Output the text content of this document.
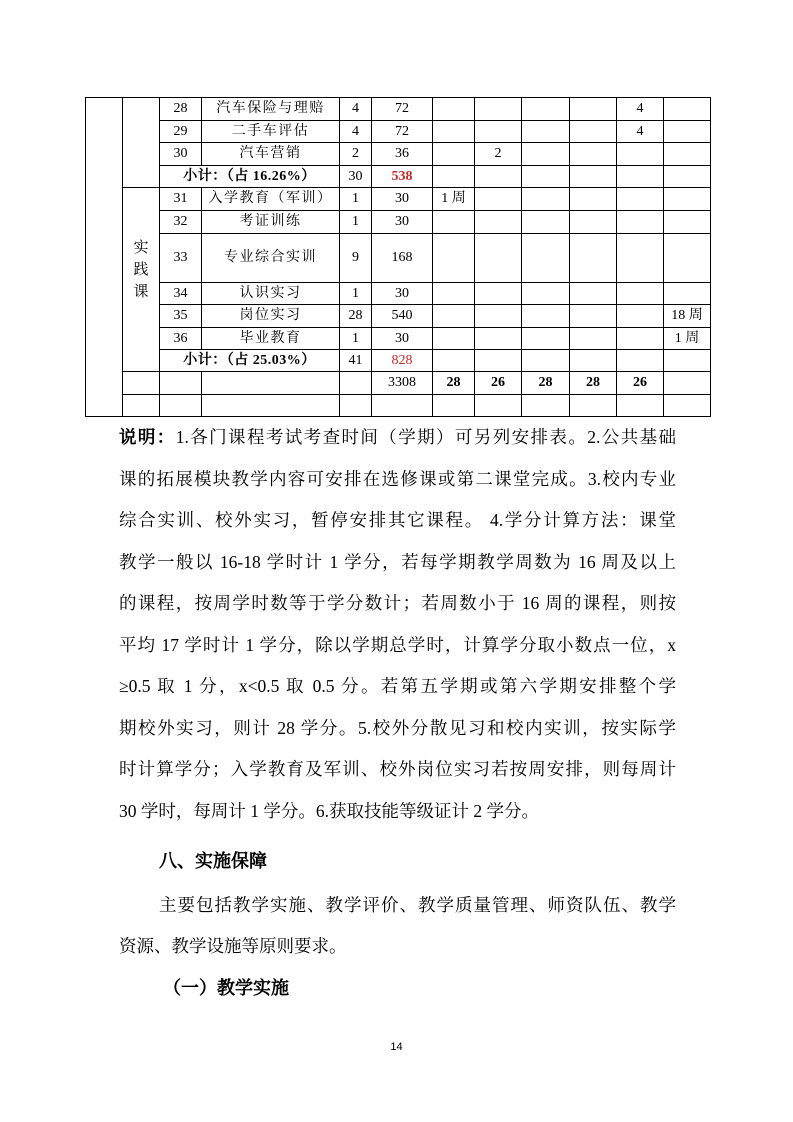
		28	汽车保险与理赔	4	72					4	
		29	二手车评估	4	72					4	
		30	汽车营销	2	36		2				
		小计：（占 16.26%）		30	538						

	实践课	31	入学教育（军训）	1	30	1 周					
		32	考证训练	1	30						
		33	专业综合实训	9	168						
		34	认识实习	1	30						
		35	岗位实习	28	540						18 周
		36	毕业教育	1	30						1 周
		小计：（占 25.03%）		41	828						
					3308	28	26	28	28	26	

说明：1.各门课程考试考查时间（学期）可另列安排表。2.公共基础
课的拓展模块教学内容可安排在选修课或第二课堂完成。3.校内专业
综合实训、校外实习，暂停安排其它课程。 4.学分计算方法：课堂
教学一般以 16-18 学时计 1 学分，若每学期教学周数为 16 周及以上
的课程，按周学时数等于学分数计；若周数小于 16 周的课程，则按
平均 17 学时计 1 学分，除以学期总学时，计算学分取小数点一位，x
≥0.5 取 1 分，x<0.5 取 0.5 分。若第五学期或第六学期安排整个学
期校外实习，则计 28 学分。5.校外分散见习和校内实训，按实际学
时计算学分；入学教育及军训、校外岗位实习若按周安排，则每周计
30 学时，每周计 1 学分。6.获取技能等级证计 2 学分。
八、实施保障
主要包括教学实施、教学评价、教学质量管理、师资队伍、教学
资源、教学设施等原则要求。
（一）教学实施
14
